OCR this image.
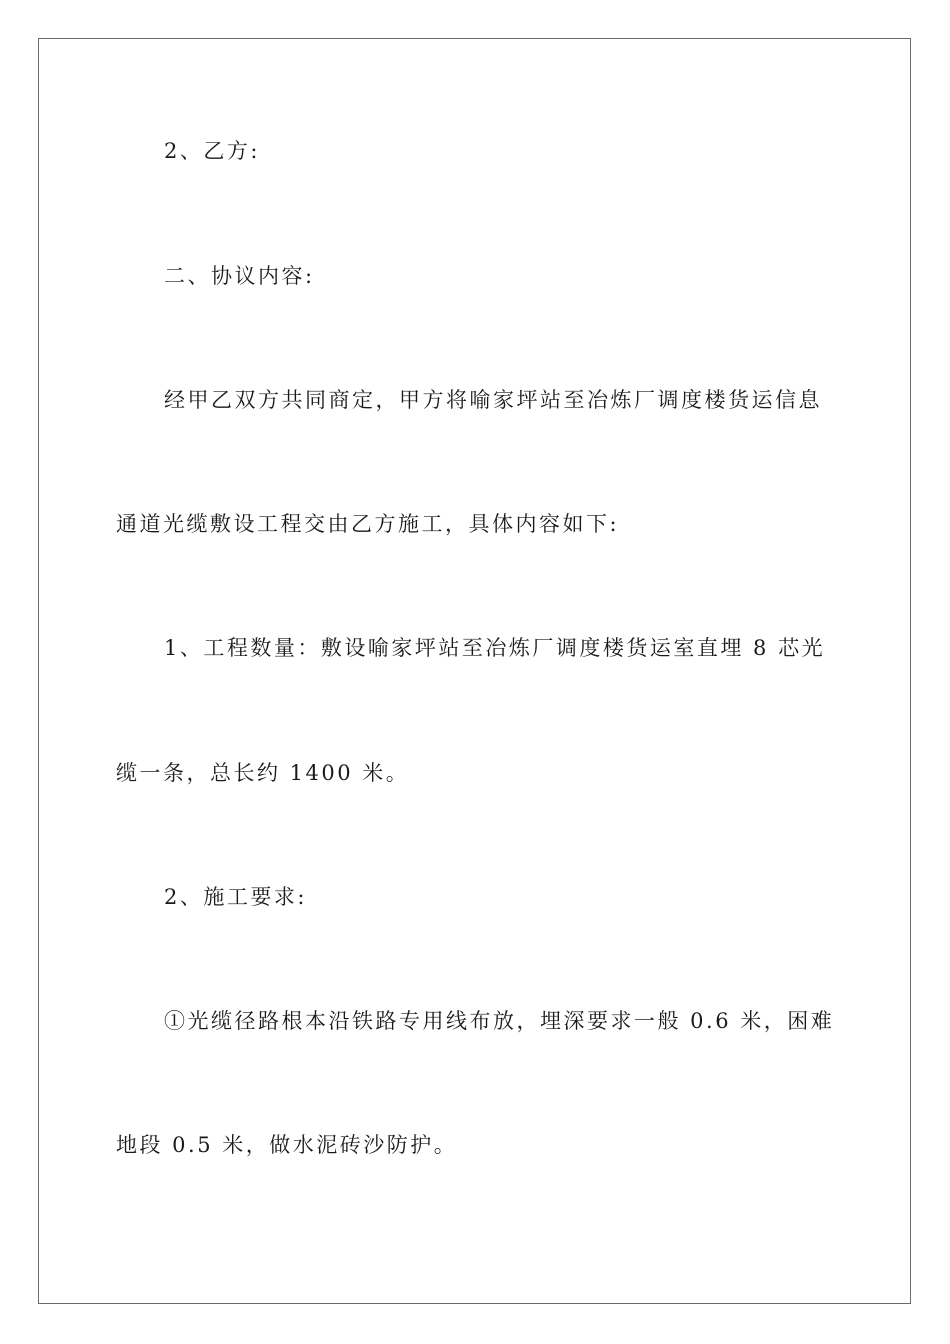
2、乙方:
二、协议内容:
经甲乙双方共同商定，甲方将喻家坪站至冶炼厂调度楼货运信息
通道光缆敷设工程交由乙方施工，具体内容如下:
1、工程数量：敷设喻家坪站至冶炼厂调度楼货运室直埋 8 芯光
缆一条，总长约 1400 米。
2、施工要求:
①光缆径路根本沿铁路专用线布放，埋深要求一般 0.6 米，困难
地段 0.5 米，做水泥砖沙防护。
